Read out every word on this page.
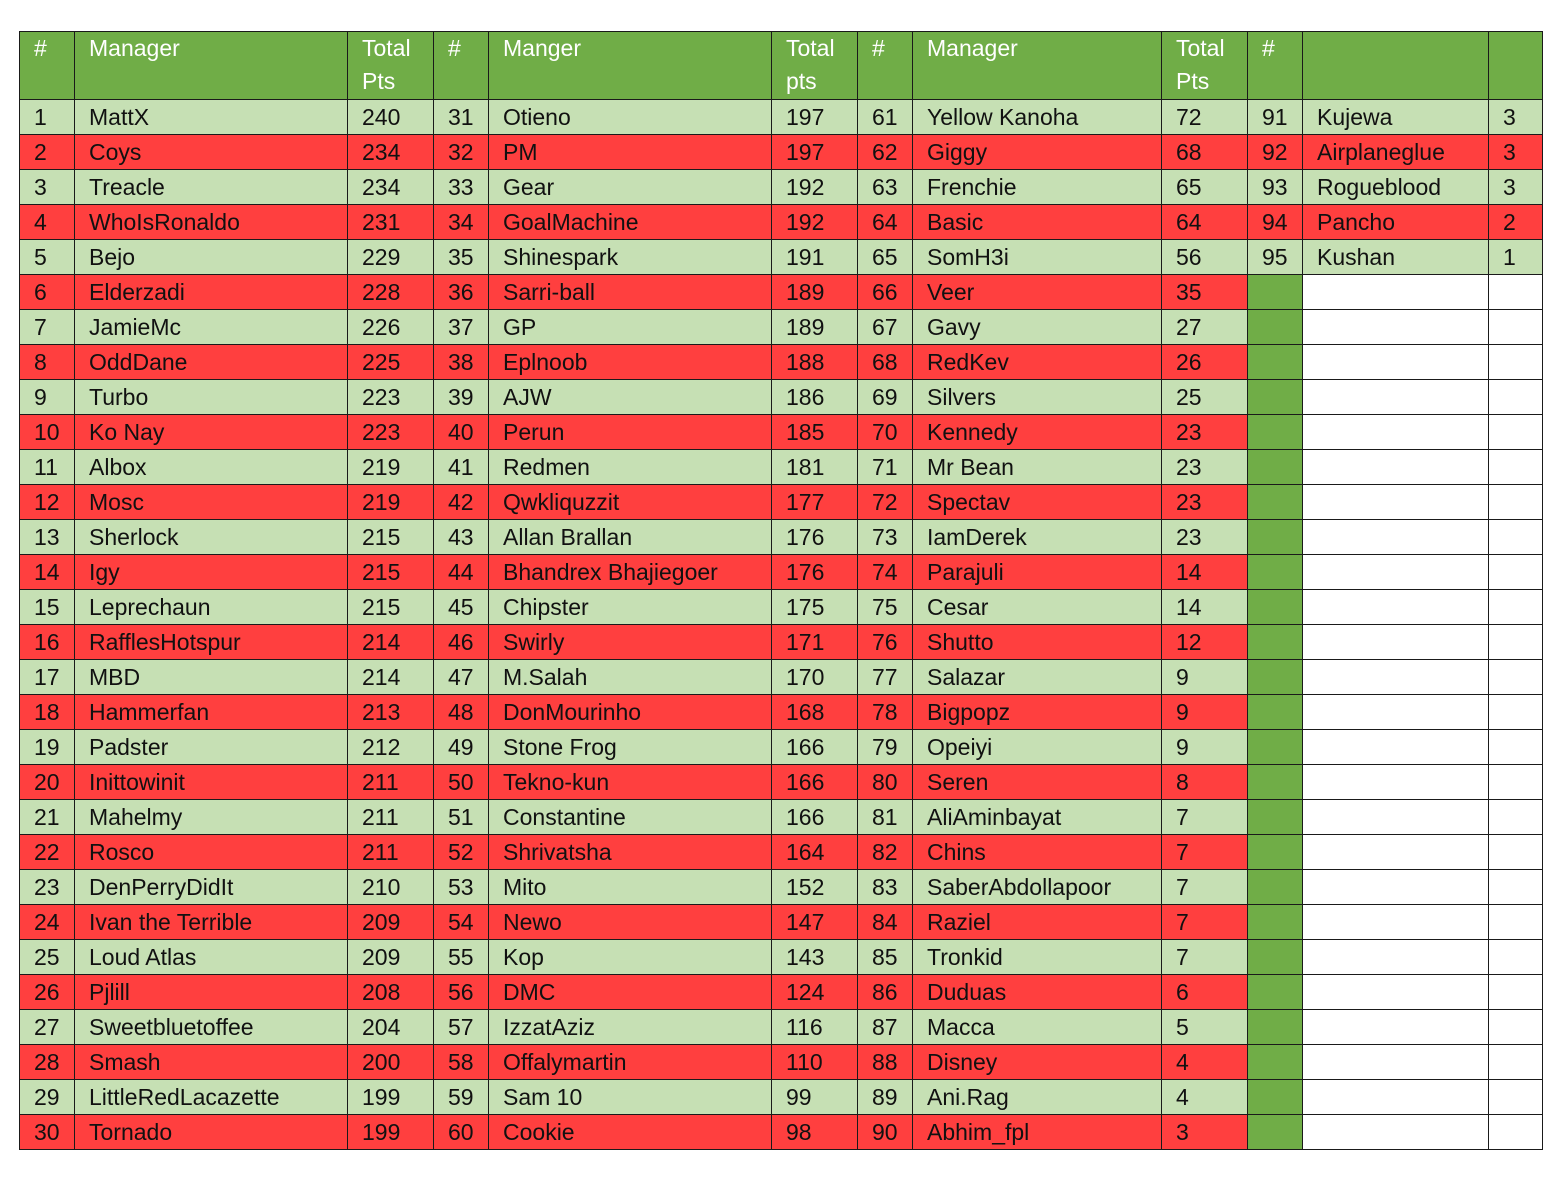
#	Manager	Total Pts	#	Manger	Total pts	#	Manager	Total Pts	#		
1	MattX	240	31	Otieno	197	61	Yellow Kanoha	72	91	Kujewa	3
2	Coys	234	32	PM	197	62	Giggy	68	92	Airplaneglue	3
3	Treacle	234	33	Gear	192	63	Frenchie	65	93	Rogueblood	3
4	WhoIsRonaldo	231	34	GoalMachine	192	64	Basic	64	94	Pancho	2
5	Bejo	229	35	Shinespark	191	65	SomH3i	56	95	Kushan	1
6	Elderzadi	228	36	Sarri-ball	189	66	Veer	35			
7	JamieMc	226	37	GP	189	67	Gavy	27			
8	OddDane	225	38	Eplnoob	188	68	RedKev	26			
9	Turbo	223	39	AJW	186	69	Silvers	25			
10	Ko Nay	223	40	Perun	185	70	Kennedy	23			
11	Albox	219	41	Redmen	181	71	Mr Bean	23			
12	Mosc	219	42	Qwkliquzzit	177	72	Spectav	23			
13	Sherlock	215	43	Allan Brallan	176	73	IamDerek	23			
14	Igy	215	44	Bhandrex Bhajiegoer	176	74	Parajuli	14			
15	Leprechaun	215	45	Chipster	175	75	Cesar	14			
16	RafflesHotspur	214	46	Swirly	171	76	Shutto	12			
17	MBD	214	47	M.Salah	170	77	Salazar	9			
18	Hammerfan	213	48	DonMourinho	168	78	Bigpopz	9			
19	Padster	212	49	Stone Frog	166	79	Opeiyi	9			
20	Inittowinit	211	50	Tekno-kun	166	80	Seren	8			
21	Mahelmy	211	51	Constantine	166	81	AliAminbayat	7			
22	Rosco	211	52	Shrivatsha	164	82	Chins	7			
23	DenPerryDidIt	210	53	Mito	152	83	SaberAbdollapoor	7			
24	Ivan the Terrible	209	54	Newo	147	84	Raziel	7			
25	Loud Atlas	209	55	Kop	143	85	Tronkid	7			
26	Pjlill	208	56	DMC	124	86	Duduas	6			
27	Sweetbluetoffee	204	57	IzzatAziz	116	87	Macca	5			
28	Smash	200	58	Offalymartin	110	88	Disney	4			
29	LittleRedLacazette	199	59	Sam 10	99	89	Ani.Rag	4			
30	Tornado	199	60	Cookie	98	90	Abhim_fpl	3			
